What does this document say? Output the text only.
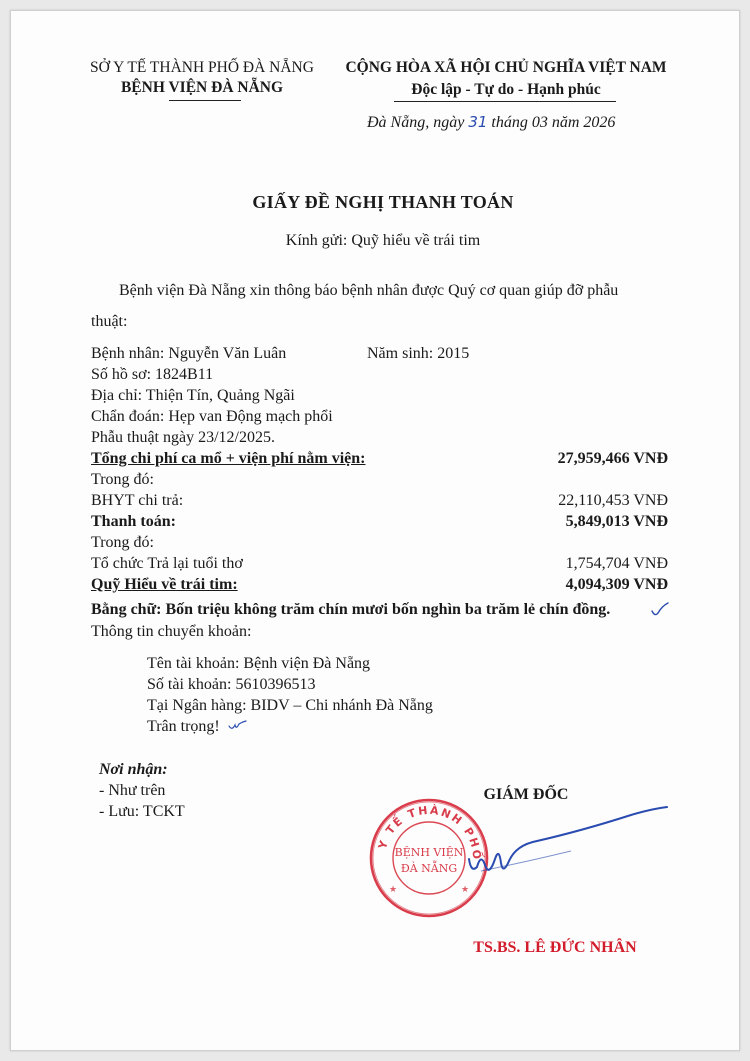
SỞ Y TẾ THÀNH PHỐ ĐÀ NẴNG
BỆNH VIỆN ĐÀ NẴNG
CỘNG HÒA XÃ HỘI CHỦ NGHĨA VIỆT NAM
Độc lập - Tự do - Hạnh phúc
Đà Nẵng, ngày 31 tháng 03 năm 2026
GIẤY ĐỀ NGHỊ THANH TOÁN
Kính gửi: Quỹ hiểu về trái tim
Bệnh viện Đà Nẵng xin thông báo bệnh nhân được Quý cơ quan giúp đỡ phẫu
thuật:
Bệnh nhân: Nguyễn Văn Luân	Năm sinh: 2015
Số hồ sơ: 1824B11
Địa chỉ: Thiện Tín, Quảng Ngãi
Chẩn đoán: Hẹp van Động mạch phổi
Phẫu thuật ngày 23/12/2025.
Tổng chi phí ca mổ + viện phí nằm viện:	27,959,466 VNĐ
Trong đó:
BHYT chi trả:	22,110,453 VNĐ
Thanh toán:	5,849,013 VNĐ
Trong đó:
Tổ chức Trả lại tuổi thơ	1,754,704 VNĐ
Quỹ Hiểu về trái tim:	4,094,309 VNĐ
Bằng chữ: Bốn triệu không trăm chín mươi bốn nghìn ba trăm lẻ chín đồng.
Thông tin chuyển khoản:
Tên tài khoản: Bệnh viện Đà Nẵng
Số tài khoản: 5610396513
Tại Ngân hàng: BIDV – Chi nhánh Đà Nẵng
Trân trọng!
Nơi nhận:
- Như trên
- Lưu: TCKT
GIÁM ĐỐC
Y TẾ THÀNH PHỐ
BỆNH VIỆN
ĐÀ NẴNG
★	★
TS.BS. LÊ ĐỨC NHÂN
